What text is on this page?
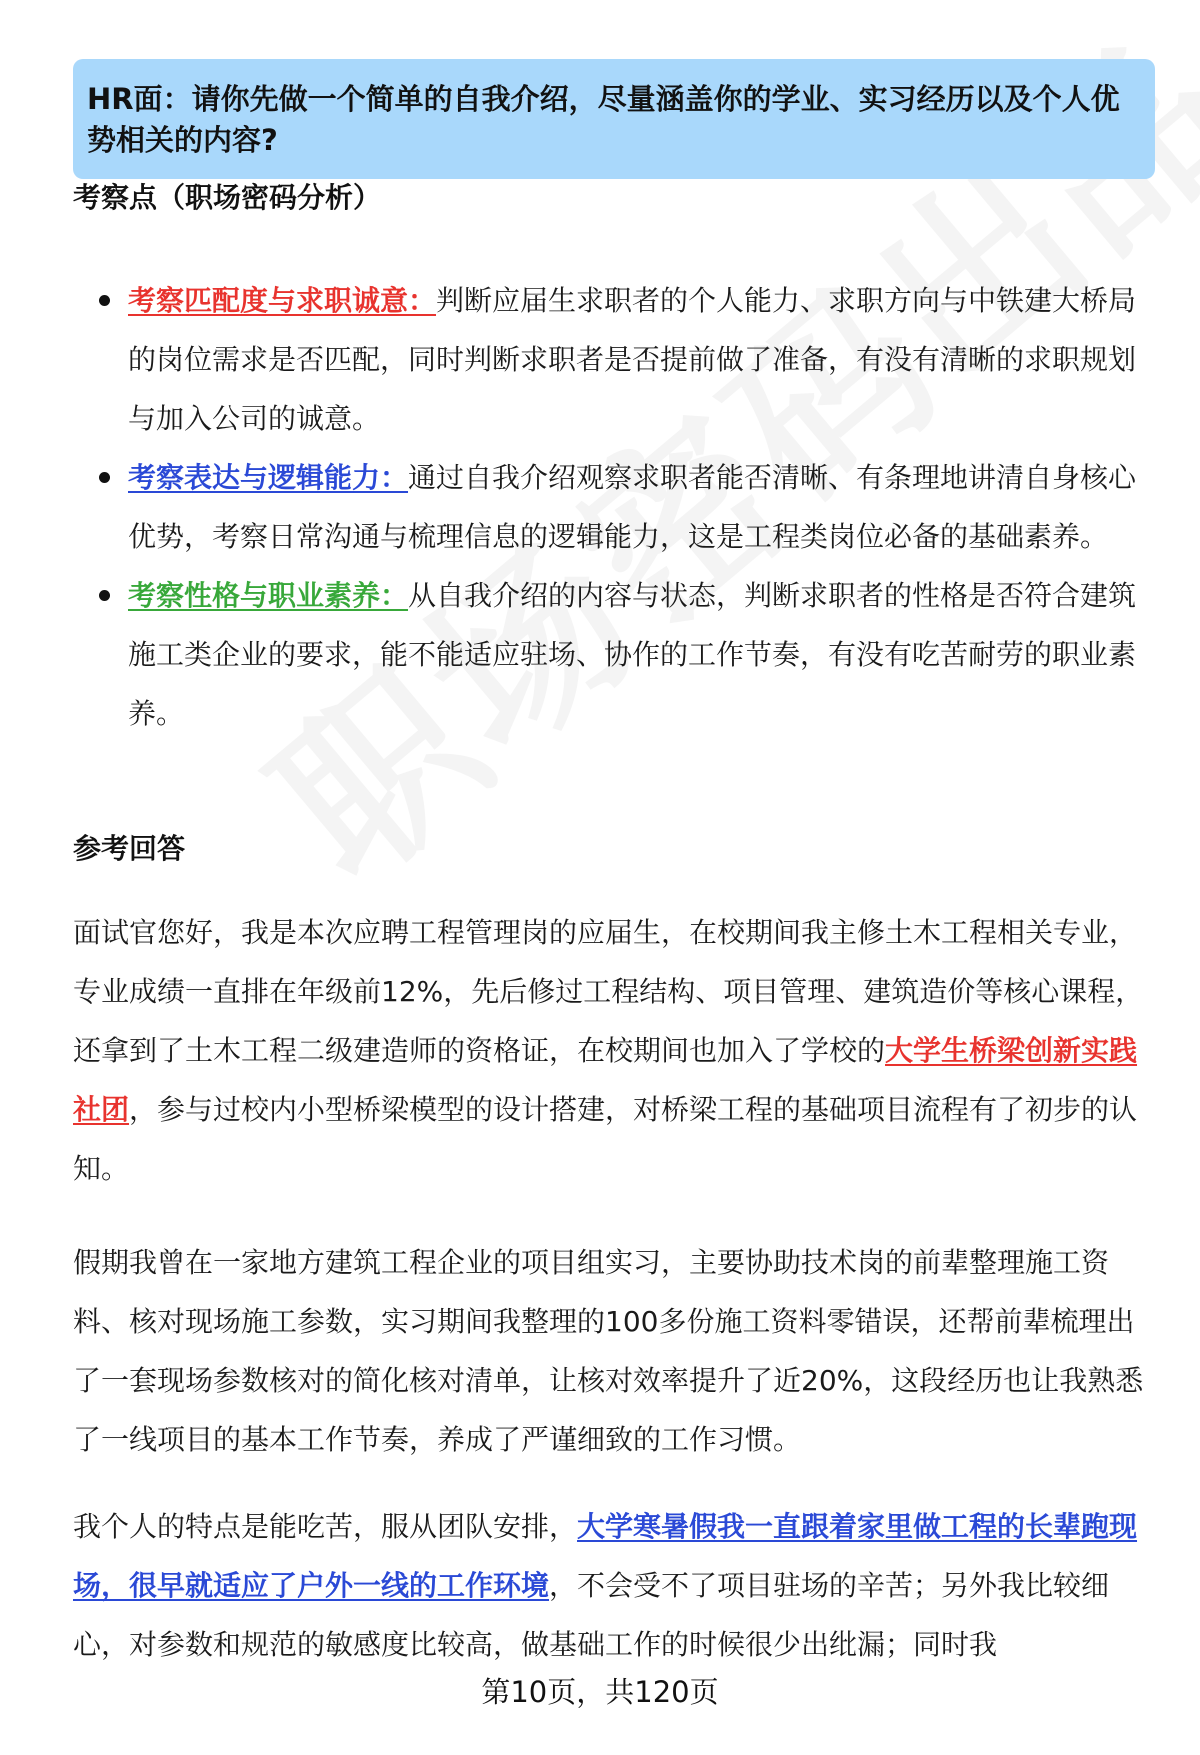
HR面：请你先做一个简单的自我介绍，尽量涵盖你的学业、实习经历以及个人优势相关的内容?
考察点（职场密码分析）
考察匹配度与求职诚意：判断应届生求职者的个人能力、求职方向与中铁建大桥局的岗位需求是否匹配，同时判断求职者是否提前做了准备，有没有清晰的求职规划与加入公司的诚意。
考察表达与逻辑能力：通过自我介绍观察求职者能否清晰、有条理地讲清自身核心优势，考察日常沟通与梳理信息的逻辑能力，这是工程类岗位必备的基础素养。
考察性格与职业素养：从自我介绍的内容与状态，判断求职者的性格是否符合建筑施工类企业的要求，能不能适应驻场、协作的工作节奏，有没有吃苦耐劳的职业素养。
参考回答

面试官您好，我是本次应聘工程管理岗的应届生，在校期间我主修土木工程相关专业，专业成绩一直排在年级前12%，先后修过工程结构、项目管理、建筑造价等核心课程，还拿到了土木工程二级建造师的资格证，在校期间也加入了学校的大学生桥梁创新实践社团，参与过校内小型桥梁模型的设计搭建，对桥梁工程的基础项目流程有了初步的认知。

假期我曾在一家地方建筑工程企业的项目组实习，主要协助技术岗的前辈整理施工资料、核对现场施工参数，实习期间我整理的100多份施工资料零错误，还帮前辈梳理出了一套现场参数核对的简化核对清单，让核对效率提升了近20%，这段经历也让我熟悉了一线项目的基本工作节奏，养成了严谨细致的工作习惯。

我个人的特点是能吃苦，服从团队安排，大学寒暑假我一直跟着家里做工程的长辈跑现场，很早就适应了户外一线的工作环境，不会受不了项目驻场的辛苦；另外我比较细心，对参数和规范的敏感度比较高，做基础工作的时候很少出纰漏；同时我

第10页，共120页
